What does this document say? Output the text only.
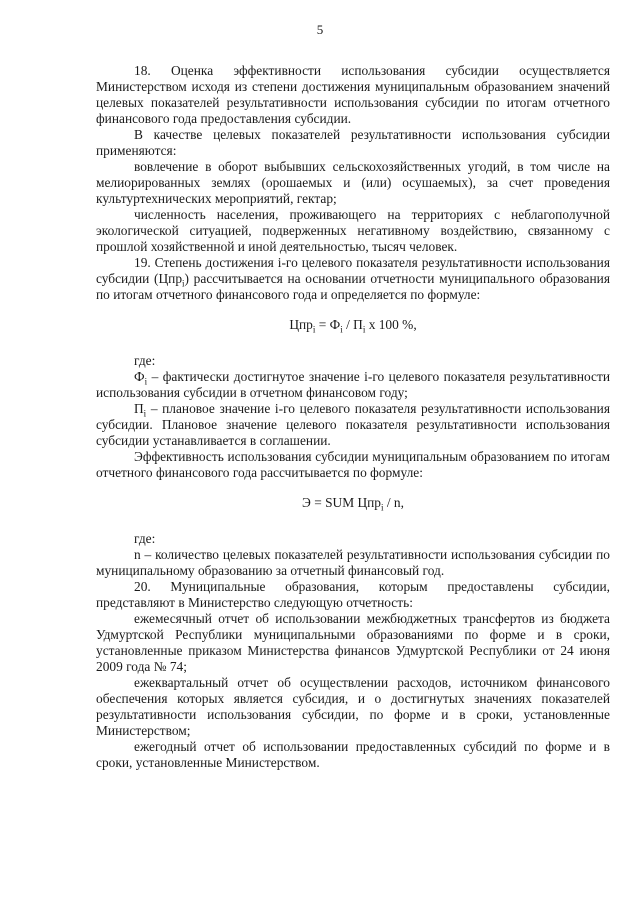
5

18. Оценка эффективности использования субсидии осуществляется Министерством исходя из степени достижения муниципальным образованием значений целевых показателей результативности использования субсидии по итогам отчетного финансового года предоставления субсидии.

В качестве целевых показателей результативности использования субсидии применяются:

вовлечение в оборот выбывших сельскохозяйственных угодий, в том числе на мелиорированных землях (орошаемых и (или) осушаемых), за счет проведения культуртехнических мероприятий, гектар;

численность населения, проживающего на территориях с неблагополучной экологической ситуацией, подверженных негативному воздействию, связанному с прошлой хозяйственной и иной деятельностью, тысяч человек.

19. Степень достижения i-го целевого показателя результативности использования субсидии (Цпр$_i$) рассчитывается на основании отчетности муниципального образования по итогам отчетного финансового года и определяется по формуле:

$Цпр_i = Ф_i / П_i$ x 100 %,

где:

$Ф_i$ – фактически достигнутое значение i-го целевого показателя результативности использования субсидии в отчетном финансовом году;

$П_i$ – плановое значение i-го целевого показателя результативности использования субсидии. Плановое значение целевого показателя результативности использования субсидии устанавливается в соглашении.

Эффективность использования субсидии муниципальным образованием по итогам отчетного финансового года рассчитывается по формуле:

Э = SUM Цпр$_i$ / n,

где:

n – количество целевых показателей результативности использования субсидии по муниципальному образованию за отчетный финансовый год.

20. Муниципальные образования, которым предоставлены субсидии, представляют в Министерство следующую отчетность:

ежемесячный отчет об использовании межбюджетных трансфертов из бюджета Удмуртской Республики муниципальными образованиями по форме и в сроки, установленные приказом Министерства финансов Удмуртской Республики от 24 июня 2009 года № 74;

ежеквартальный отчет об осуществлении расходов, источником финансового обеспечения которых является субсидия, и о достигнутых значениях показателей результативности использования субсидии, по форме и в сроки, установленные Министерством;

ежегодный отчет об использовании предоставленных субсидий по форме и в сроки, установленные Министерством.
